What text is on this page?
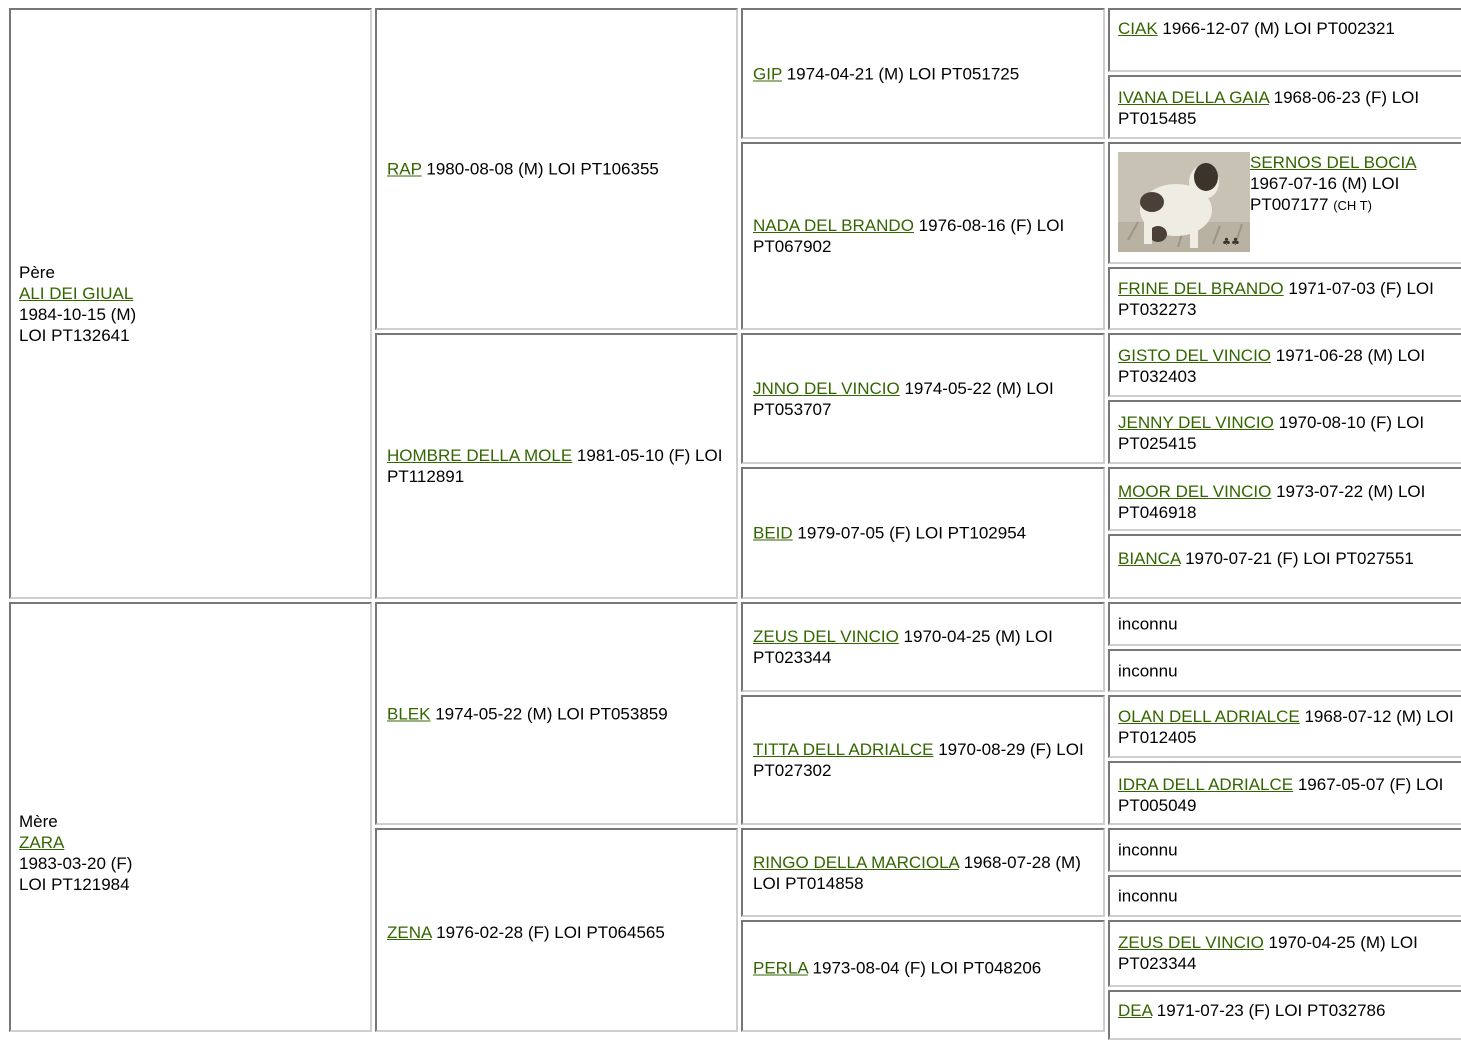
Père
ALI DEI GIUAL
1984-10-15 (M)
LOI PT132641
Mère
ZARA
1983-03-20 (F)
LOI PT121984
RAP 1980-08-08 (M) LOI PT106355
HOMBRE DELLA MOLE 1981-05-10 (F) LOI PT112891
BLEK 1974-05-22 (M) LOI PT053859
ZENA 1976-02-28 (F) LOI PT064565
GIP 1974-04-21 (M) LOI PT051725
NADA DEL BRANDO 1976-08-16 (F) LOI PT067902
JNNO DEL VINCIO 1974-05-22 (M) LOI PT053707
BEID 1979-07-05 (F) LOI PT102954
ZEUS DEL VINCIO 1970-04-25 (M) LOI PT023344
TITTA DELL ADRIALCE 1970-08-29 (F) LOI PT027302
RINGO DELLA MARCIOLA 1968-07-28 (M) LOI PT014858
PERLA 1973-08-04 (F) LOI PT048206
CIAK 1966-12-07 (M) LOI PT002321
IVANA DELLA GAIA 1968-06-23 (F) LOI PT015485
♣♣
SERNOS DEL BOCIA
1967-07-16 (M) LOI PT007177 (CH T)
FRINE DEL BRANDO 1971-07-03 (F) LOI PT032273
GISTO DEL VINCIO 1971-06-28 (M) LOI PT032403
JENNY DEL VINCIO 1970-08-10 (F) LOI PT025415
MOOR DEL VINCIO 1973-07-22 (M) LOI PT046918
BIANCA 1970-07-21 (F) LOI PT027551
inconnu
inconnu
OLAN DELL ADRIALCE 1968-07-12 (M) LOI PT012405
IDRA DELL ADRIALCE 1967-05-07 (F) LOI PT005049
inconnu
inconnu
ZEUS DEL VINCIO 1970-04-25 (M) LOI PT023344
DEA 1971-07-23 (F) LOI PT032786
